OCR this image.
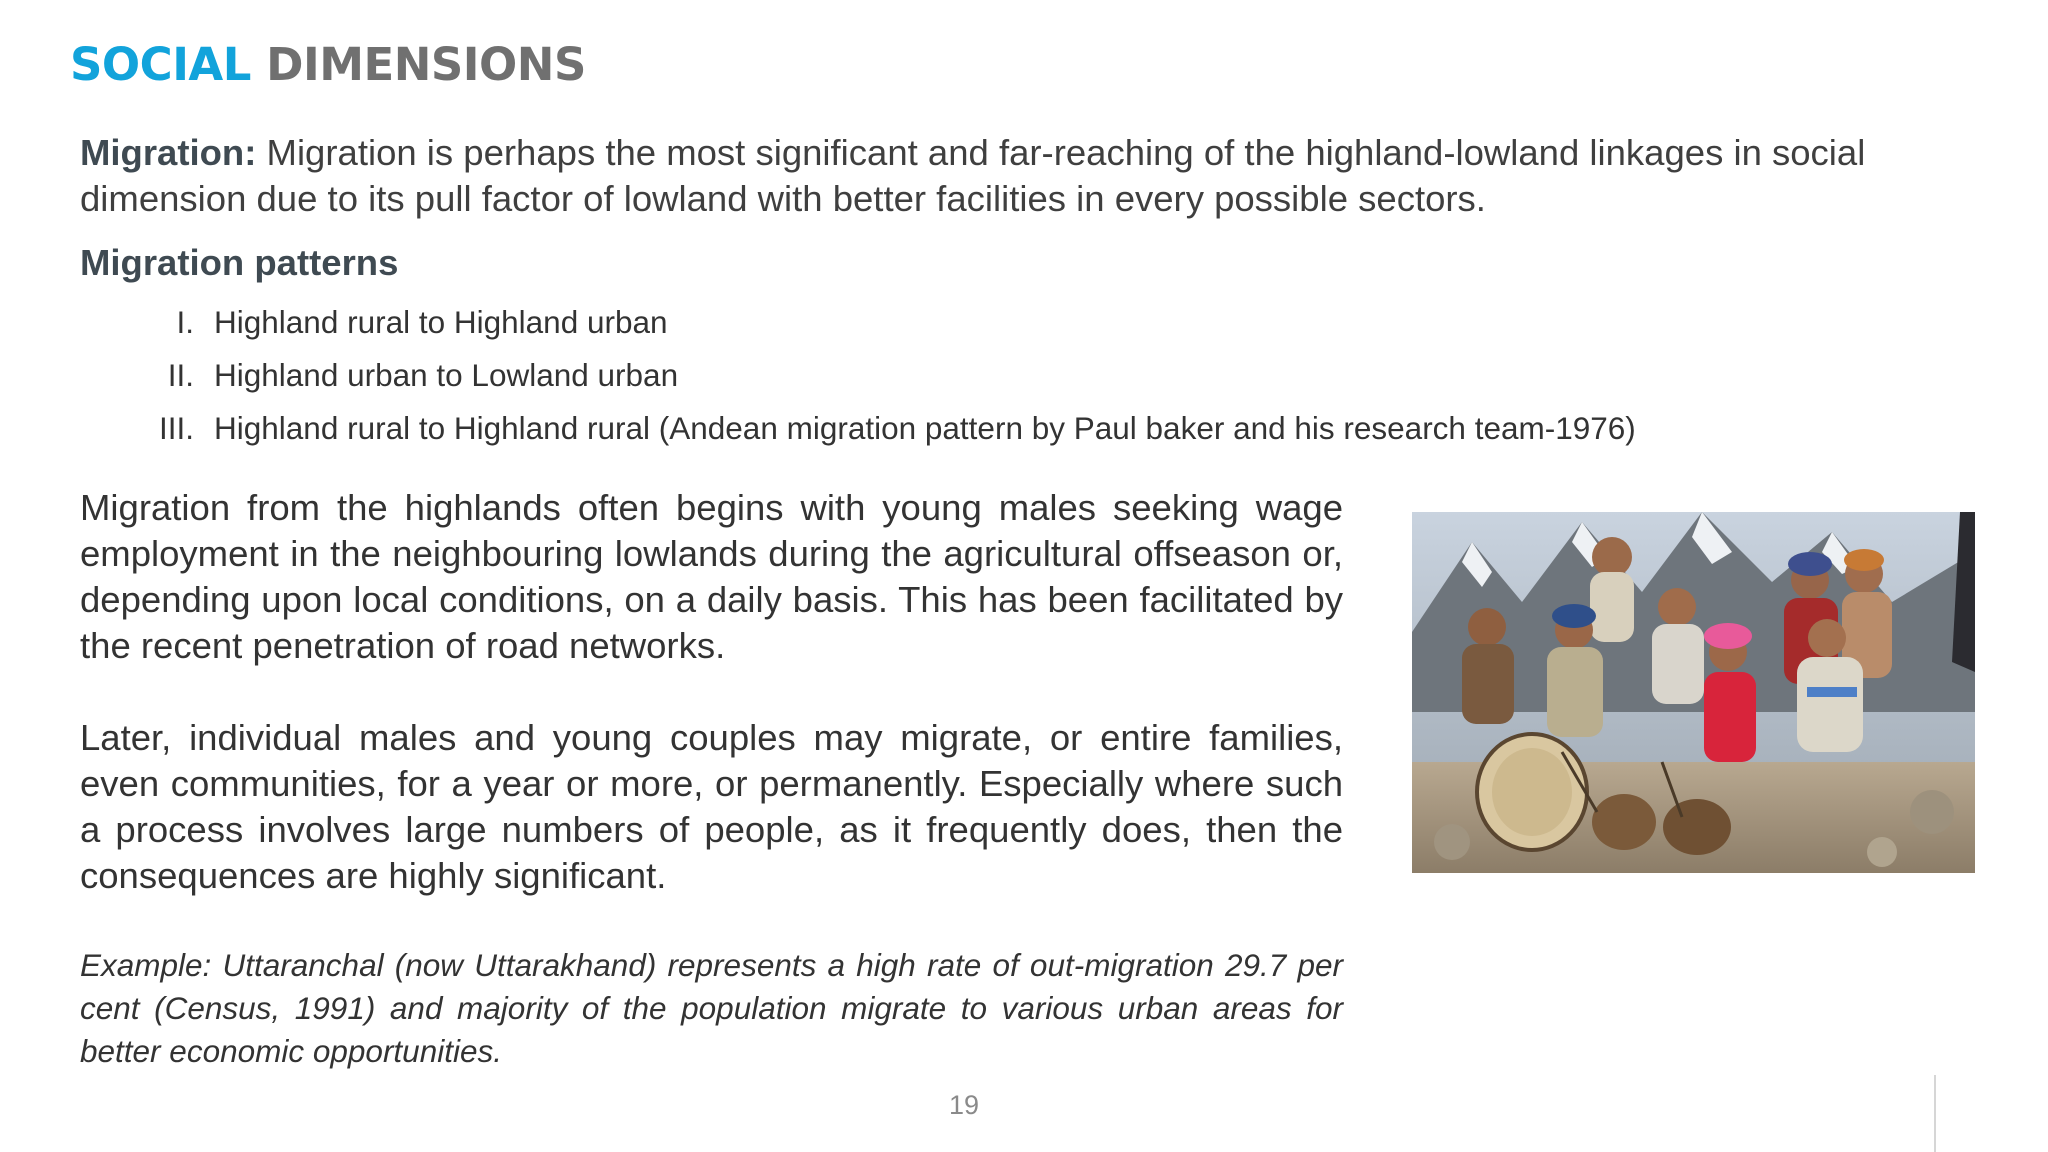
SOCIAL DIMENSIONS

Migration: Migration is perhaps the most significant and far-reaching of the highland-lowland linkages in social dimension due to its pull factor of lowland with better facilities in every possible sectors.

Migration patterns

I. Highland rural to Highland urban
II. Highland urban to Lowland urban
III. Highland rural to Highland rural (Andean migration pattern by Paul baker and his research team-1976)

Migration from the highlands often begins with young males seeking wage employment in the neighbouring lowlands during the agricultural offseason or, depending upon local conditions, on a daily basis. This has been facilitated by the recent penetration of road networks.

Later, individual males and young couples may migrate, or entire families, even communities, for a year or more, or permanently. Especially where such a process involves large numbers of people, as it frequently does, then the consequences are highly significant.

Example: Uttaranchal (now Uttarakhand) represents a high rate of out-migration 29.7 per cent (Census, 1991) and majority of the population migrate to various urban areas for better economic opportunities.

19
